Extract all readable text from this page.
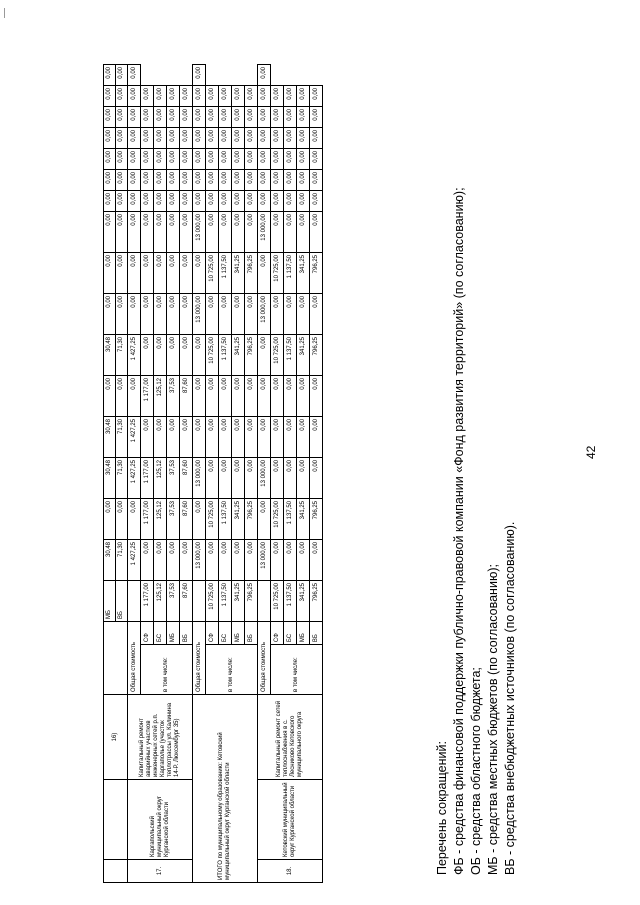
42
		16)			МБ	30,48	0,00	30,48	30,48	0,00	30,48	0,00	0,00	0,00	0,00	0,00	0,00	0,00	0,00	0,00	0,00
					ВБ	71,30	0,00	71,30	71,30	0,00	71,30	0,00	0,00	0,00	0,00	0,00	0,00	0,00	0,00	0,00	0,00
17.	Каргапольский муниципальный округ Курганской области	Капитальный ремонт аварийных участков инженерных сетей р.п. Каргаполье (участок теплотрассы ул. Калинина 14-Р. Люксембург 35)	Общая стоимость			1 427,25	0,00	1 427,25	1 427,25	0,00	1 427,25	0,00	0,00	0,00	0,00	0,00	0,00	0,00	0,00	0,00	0,00
			в том числе:	СФ	1 177,00	0,00	1 177,00	1 177,00	0,00	1 177,00	0,00	0,00	0,00	0,00	0,00	0,00	0,00	0,00	0,00	0,00	
				БС	125,12	0,00	125,12	125,12	0,00	125,12	0,00	0,00	0,00	0,00	0,00	0,00	0,00	0,00	0,00	0,00	
				МБ	37,53	0,00	37,53	37,53	0,00	37,53	0,00	0,00	0,00	0,00	0,00	0,00	0,00	0,00	0,00	0,00	
				ВБ	87,60	0,00	87,60	87,60	0,00	87,60	0,00	0,00	0,00	0,00	0,00	0,00	0,00	0,00	0,00	0,00	
ИТОГО по муниципальному образованию: Кетовский муниципальный округ Курганской области			Общая стоимость			13 000,00	0,00	13 000,00	0,00	0,00	0,00	13 000,00	0,00	13 000,00	0,00	0,00	0,00	0,00	0,00	0,00	0,00
			в том числе:	СФ	10 725,00	0,00	10 725,00	0,00	0,00	0,00	10 725,00	0,00	10 725,00	0,00	0,00	0,00	0,00	0,00	0,00	0,00	
				БС	1 137,50	0,00	1 137,50	0,00	0,00	0,00	1 137,50	0,00	1 137,50	0,00	0,00	0,00	0,00	0,00	0,00	0,00	
				МБ	341,25	0,00	341,25	0,00	0,00	0,00	341,25	0,00	341,25	0,00	0,00	0,00	0,00	0,00	0,00	0,00	
				ВБ	796,25	0,00	796,25	0,00	0,00	0,00	796,25	0,00	796,25	0,00	0,00	0,00	0,00	0,00	0,00	0,00	
18.	Кетовский муниципальный округ Курганской области	Капитальный ремонт сетей теплоснабжения в с. Лесниково Кетовского муниципального округа	Общая стоимость			13 000,00	0,00	13 000,00	0,00	0,00	0,00	13 000,00	0,00	13 000,00	0,00	0,00	0,00	0,00	0,00	0,00	0,00
			в том числе:	СФ	10 725,00	0,00	10 725,00	0,00	0,00	0,00	10 725,00	0,00	10 725,00	0,00	0,00	0,00	0,00	0,00	0,00	0,00	
				БС	1 137,50	0,00	1 137,50	0,00	0,00	0,00	1 137,50	0,00	1 137,50	0,00	0,00	0,00	0,00	0,00	0,00	0,00	
				МБ	341,25	0,00	341,25	0,00	0,00	0,00	341,25	0,00	341,25	0,00	0,00	0,00	0,00	0,00	0,00	0,00	
				ВБ	796,25	0,00	796,25	0,00	0,00	0,00	796,25	0,00	796,25	0,00	0,00	0,00	0,00	0,00	0,00	0,00	
Перечень сокращений: ФБ - средства финансовой поддержки публично-правовой компании «Фонд развития территорий» (по согласованию); ОБ - средства областного бюджета; МБ - средства местных бюджетов (по согласованию); ВБ - средства внебюджетных источников (по согласованию).
